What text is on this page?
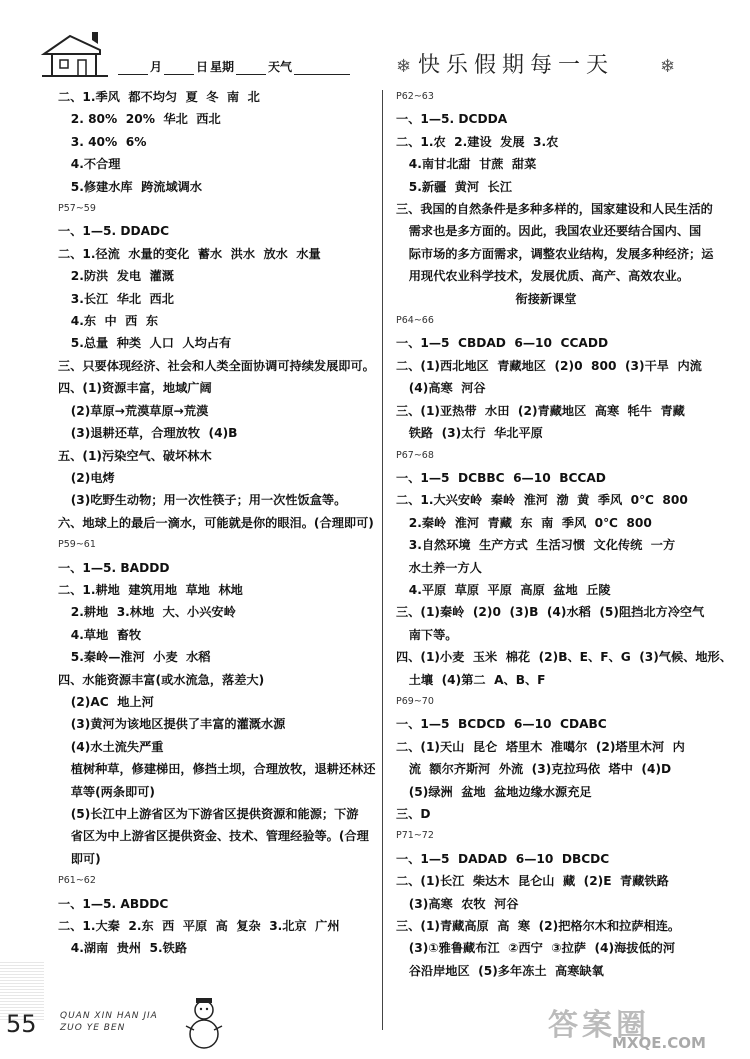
月	日 星期	天气	❄ 快乐假期每一天	❄
二、1.季风  都不均匀  夏  冬  南  北
2. 80%  20%  华北  西北
3. 40%  6%
4.不合理
5.修建水库  跨流域调水
P57~59
一、1—5. DDADC
二、1.径流  水量的变化  蓄水  洪水  放水  水量
2.防洪  发电  灌溉
3.长江  华北  西北
4.东  中  西  东
5.总量  种类  人口  人均占有
三、只要体现经济、社会和人类全面协调可持续发展即可。
四、(1)资源丰富，地域广阔
(2)草原→荒漠草原→荒漠
(3)退耕还草，合理放牧  (4)B
五、(1)污染空气、破坏林木
(2)电烤
(3)吃野生动物；用一次性筷子；用一次性饭盒等。
六、地球上的最后一滴水，可能就是你的眼泪。(合理即可)
P59~61
一、1—5. BADDD
二、1.耕地  建筑用地  草地  林地
2.耕地  3.林地  大、小兴安岭
4.草地  畜牧
5.秦岭—淮河  小麦  水稻
四、水能资源丰富(或水流急，落差大)
(2)AC  地上河
(3)黄河为该地区提供了丰富的灌溉水源
(4)水土流失严重
植树种草，修建梯田，修挡土坝，合理放牧，退耕还林还
草等(两条即可)
(5)长江中上游省区为下游省区提供资源和能源；下游
省区为中上游省区提供资金、技术、管理经验等。(合理
即可)
P61~62
一、1—5. ABDDC
二、1.大秦  2.东  西  平原  高  复杂  3.北京  广州
4.湖南  贵州  5.铁路
P62~63
一、1—5. DCDDA
二、1.农  2.建设  发展  3.农
4.南甘北甜  甘蔗  甜菜
5.新疆  黄河  长江
三、我国的自然条件是多种多样的，国家建设和人民生活的
需求也是多方面的。因此，我国农业还要结合国内、国
际市场的多方面需求，调整农业结构，发展多种经济；运
用现代农业科学技术，发展优质、高产、高效农业。
衔接新课堂
P64~66
一、1—5  CBDAD  6—10  CCADD
二、(1)西北地区  青藏地区  (2)0  800  (3)干旱  内流
(4)高寒  河谷
三、(1)亚热带  水田  (2)青藏地区  高寒  牦牛  青藏
铁路  (3)太行  华北平原
P67~68
一、1—5  DCBBC  6—10  BCCAD
二、1.大兴安岭  秦岭  淮河  渤  黄  季风  0℃  800
2.秦岭  淮河  青藏  东  南  季风  0℃  800
3.自然环境  生产方式  生活习惯  文化传统  一方
水土养一方人
4.平原  草原  平原  高原  盆地  丘陵
三、(1)秦岭  (2)0  (3)B  (4)水稻  (5)阻挡北方冷空气
南下等。
四、(1)小麦  玉米  棉花  (2)B、E、F、G  (3)气候、地形、
土壤  (4)第二  A、B、F
P69~70
一、1—5  BCDCD  6—10  CDABC
二、(1)天山  昆仑  塔里木  准噶尔  (2)塔里木河  内
流  额尔齐斯河  外流  (3)克拉玛依  塔中  (4)D
(5)绿洲  盆地  盆地边缘水源充足
三、D
P71~72
一、1—5  DADAD  6—10  DBCDC
二、(1)长江  柴达木  昆仑山  藏  (2)E  青藏铁路
(3)高寒  农牧  河谷
三、(1)青藏高原  高  寒  (2)把格尔木和拉萨相连。
(3)①雅鲁藏布江  ②西宁  ③拉萨  (4)海拔低的河
谷沿岸地区  (5)多年冻土  高寒缺氧
55	QUAN XIN HAN JIA
ZUO YE BEN	答案圈
MXQE.COM
